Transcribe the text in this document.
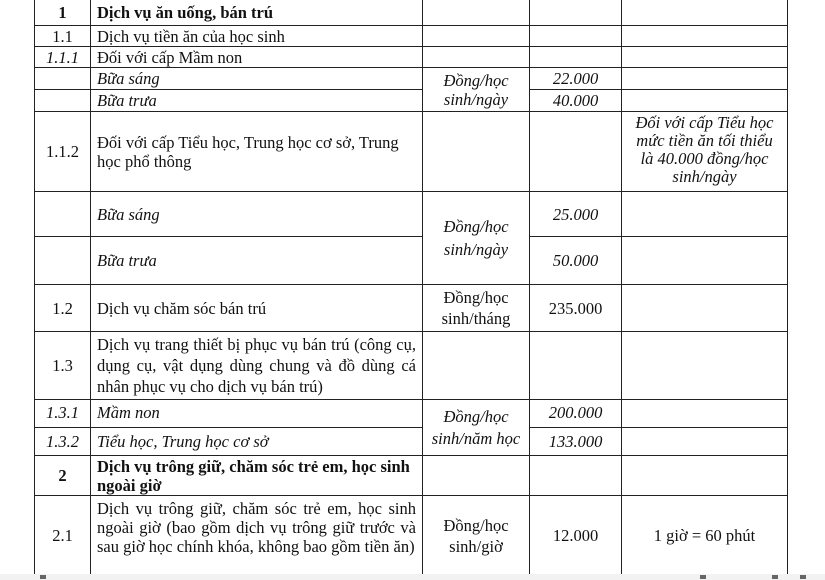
1	Dịch vụ ăn uống, bán trú			
1.1	Dịch vụ tiền ăn của học sinh			
1.1.1	Đối với cấp Mầm non			
	Bữa sáng	Đồng/học sinh/ngày	22.000	
	Bữa trưa		40.000	
1.1.2	Đối với cấp Tiểu học, Trung học cơ sở, Trung học phổ thông			Đối với cấp Tiểu học mức tiền ăn tối thiểu là 40.000 đồng/học sinh/ngày
	Bữa sáng	Đồng/học sinh/ngày	25.000	
	Bữa trưa		50.000	
1.2	Dịch vụ chăm sóc bán trú	Đồng/học sinh/tháng	235.000	
1.3	Dịch vụ trang thiết bị phục vụ bán trú (công cụ, dụng cụ, vật dụng dùng chung và đồ dùng cá nhân phục vụ cho dịch vụ bán trú)			
1.3.1	Mầm non	Đồng/học sinh/năm học	200.000	
1.3.2	Tiểu học, Trung học cơ sở		133.000	
2	Dịch vụ trông giữ, chăm sóc trẻ em, học sinh ngoài giờ			
2.1	Dịch vụ trông giữ, chăm sóc trẻ em, học sinh ngoài giờ (bao gồm dịch vụ trông giữ trước và sau giờ học chính khóa, không bao gồm tiền ăn)	Đồng/học sinh/giờ	12.000	1 giờ = 60 phút
